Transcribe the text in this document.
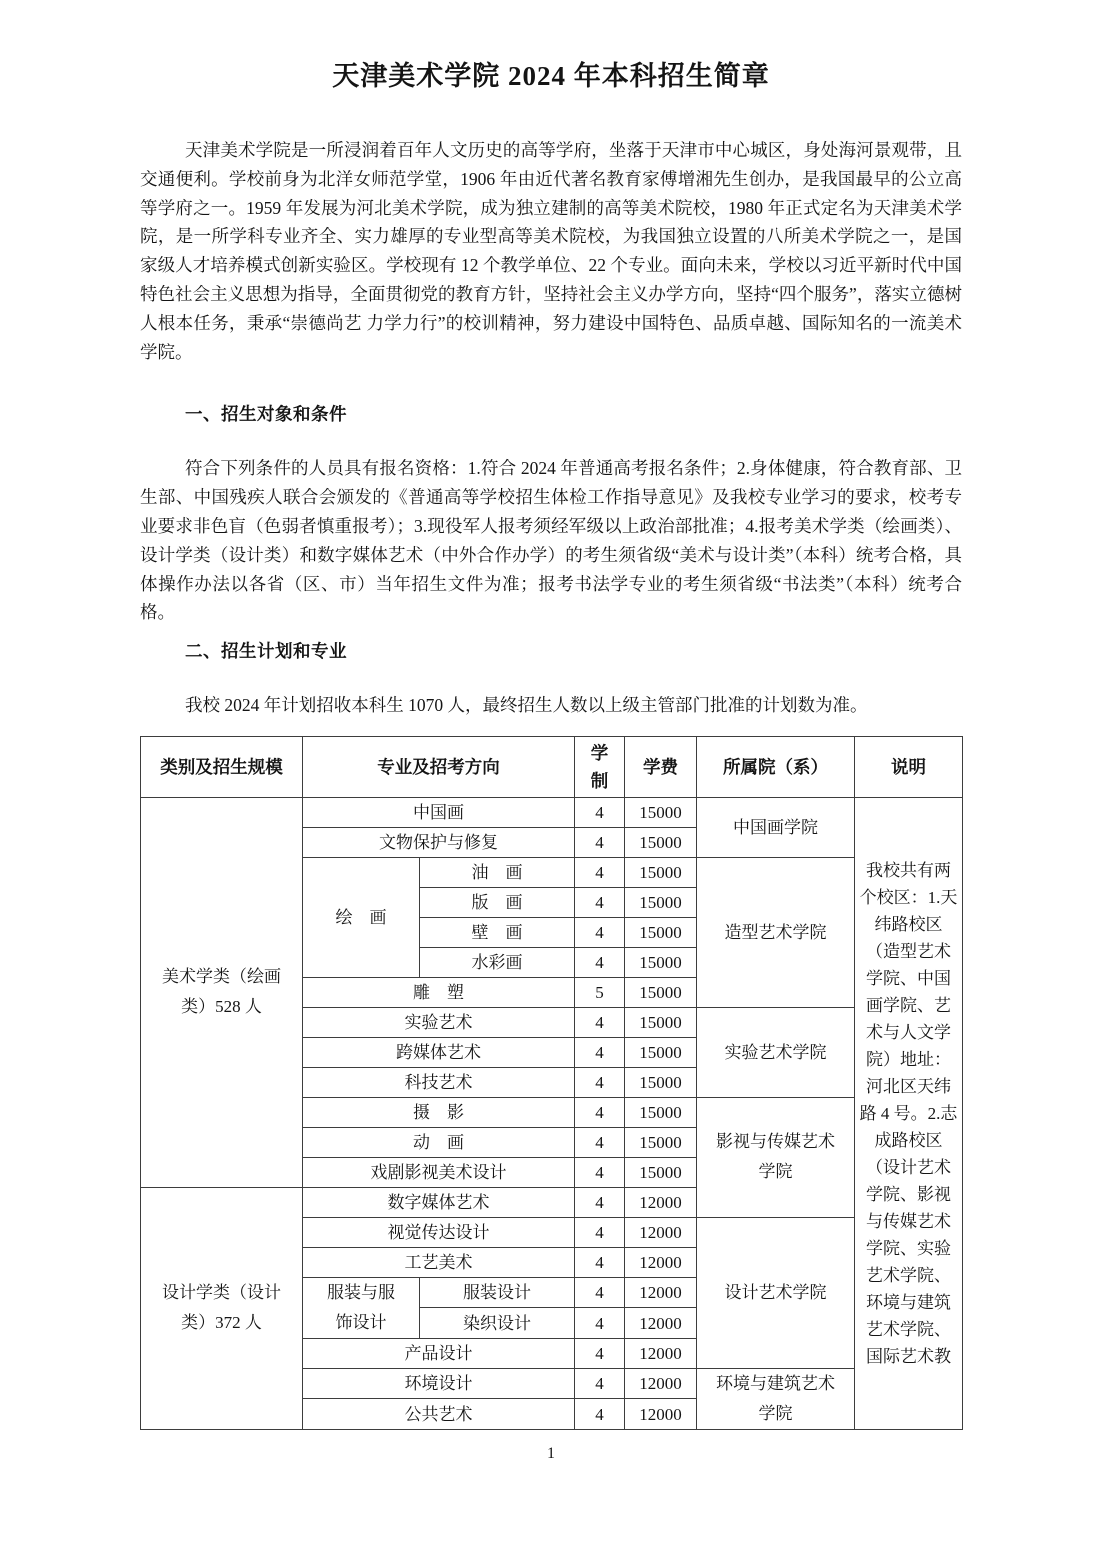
天津美术学院 2024 年本科招生简章

天津美术学院是一所浸润着百年人文历史的高等学府，坐落于天津市中心城区，身处海河景观带，且交通便利。学校前身为北洋女师范学堂，1906 年由近代著名教育家傅增湘先生创办，是我国最早的公立高等学府之一。1959 年发展为河北美术学院，成为独立建制的高等美术院校，1980 年正式定名为天津美术学院，是一所学科专业齐全、实力雄厚的专业型高等美术院校，为我国独立设置的八所美术学院之一，是国家级人才培养模式创新实验区。学校现有 12 个教学单位、22 个专业。面向未来，学校以习近平新时代中国特色社会主义思想为指导，全面贯彻党的教育方针，坚持社会主义办学方向，坚持“四个服务”，落实立德树人根本任务，秉承“崇德尚艺 力学力行”的校训精神，努力建设中国特色、品质卓越、国际知名的一流美术学院。

一、招生对象和条件

符合下列条件的人员具有报名资格：1.符合 2024 年普通高考报名条件；2.身体健康，符合教育部、卫生部、中国残疾人联合会颁发的《普通高等学校招生体检工作指导意见》及我校专业学习的要求，校考专业要求非色盲（色弱者慎重报考）；3.现役军人报考须经军级以上政治部批准；4.报考美术学类（绘画类）、设计学类（设计类）和数字媒体艺术（中外合作办学）的考生须省级“美术与设计类”（本科）统考合格，具体操作办法以各省（区、市）当年招生文件为准；报考书法学专业的考生须省级“书法类”（本科）统考合格。

二、招生计划和专业

我校 2024 年计划招收本科生 1070 人，最终招生人数以上级主管部门批准的计划数为准。

类别及招生规模	专业及招考方向		学制	学费	所属院（系）	说明
美术学类（绘画类）528 人	中国画		4	15000	中国画学院	我校共有两个校区：1.天纬路校区（造型艺术学院、中国画学院、艺术与人文学院）地址：河北区天纬路 4 号。2.志成路校区（设计艺术学院、影视与传媒艺术学院、实验艺术学院、环境与建筑艺术学院、国际艺术教
	文物保护与修复		4	15000		
	绘　画	油　画	4	15000	造型艺术学院	
		版　画	4	15000		
		壁　画	4	15000		
		水彩画	4	15000		
	雕　塑		5	15000		
	实验艺术		4	15000	实验艺术学院	
	跨媒体艺术		4	15000		
	科技艺术		4	15000		
	摄　影		4	15000	影视与传媒艺术学院	
	动　画		4	15000		
	戏剧影视美术设计		4	15000		
设计学类（设计类）372 人	数字媒体艺术		4	12000		
	视觉传达设计		4	12000	设计艺术学院	
	工艺美术		4	12000		
	服装与服饰设计	服装设计	4	12000		
		染织设计	4	12000		
	产品设计		4	12000		
	环境设计		4	12000	环境与建筑艺术学院	
	公共艺术		4	12000		
1
